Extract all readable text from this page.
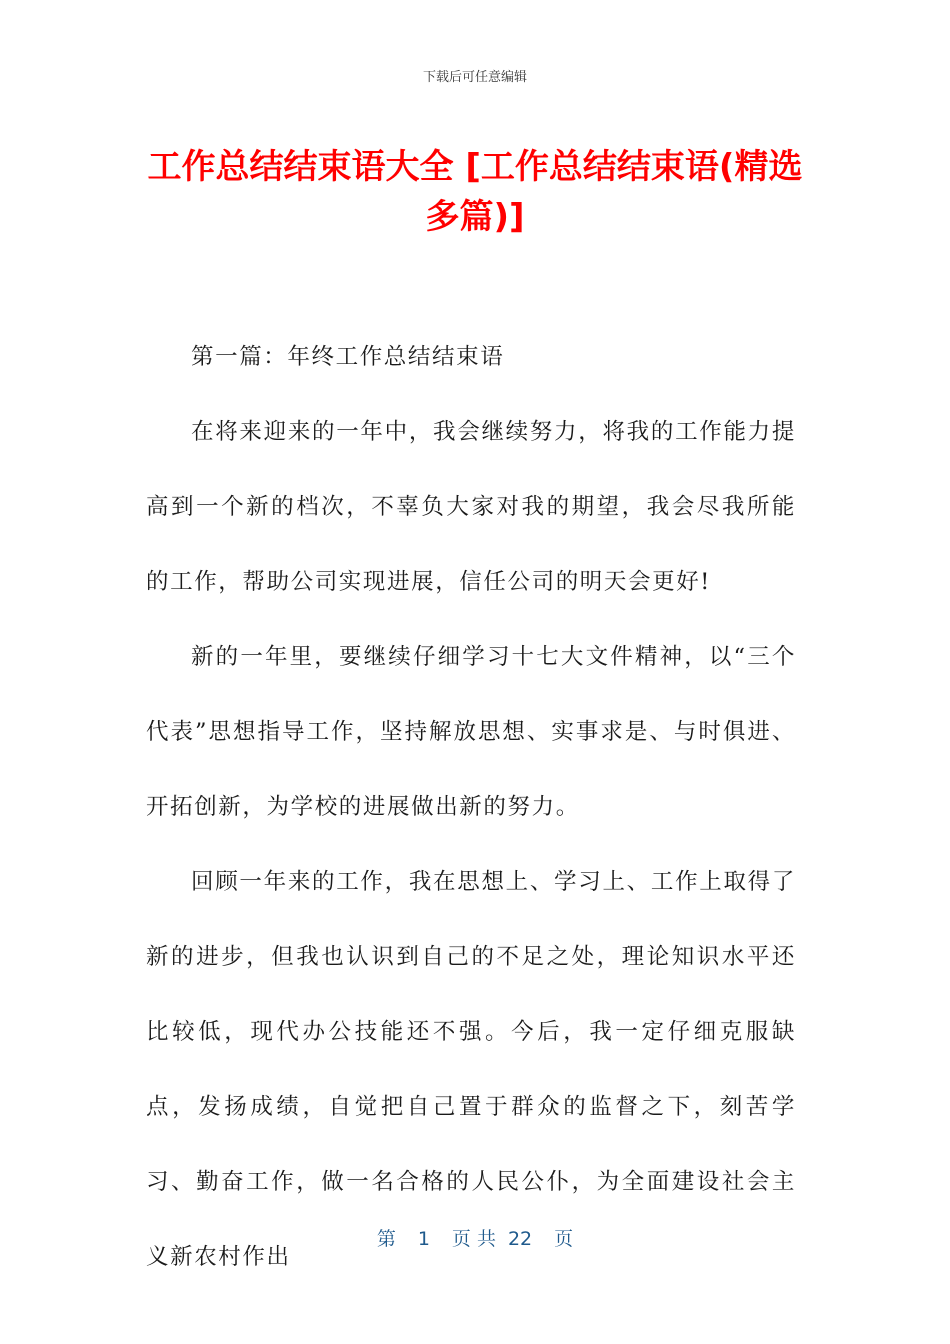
下载后可任意编辑
工作总结结束语大全 [工作总结结束语(精选多篇)]

第一篇：年终工作总结结束语

在将来迎来的一年中，我会继续努力，将我的工作能力提高到一个新的档次，不辜负大家对我的期望，我会尽我所能的工作，帮助公司实现进展，信任公司的明天会更好!

新的一年里，要继续仔细学习十七大文件精神，以“三个代表”思想指导工作，坚持解放思想、实事求是、与时俱进、开拓创新，为学校的进展做出新的努力。

回顾一年来的工作，我在思想上、学习上、工作上取得了新的进步，但我也认识到自己的不足之处，理论知识水平还比较低，现代办公技能还不强。今后，我一定仔细克服缺点，发扬成绩，自觉把自己置于群众的监督之下，刻苦学习、勤奋工作，做一名合格的人民公仆，为全面建设社会主义新农村作出

第 1 页 共 22 页
